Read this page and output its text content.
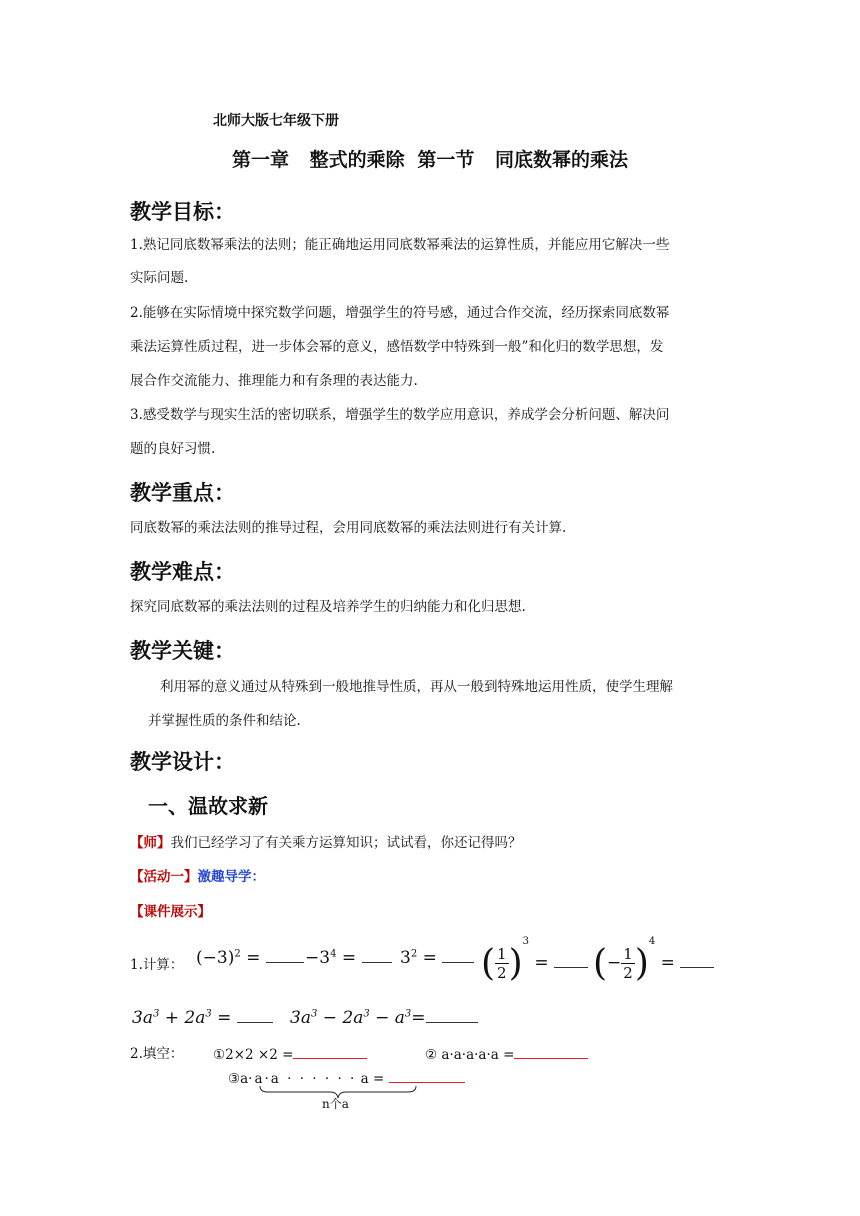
北师大版七年级下册
第一章 整式的乘除 第一节 同底数幂的乘法
教学目标：
1.熟记同底数幂乘法的法则；能正确地运用同底数幂乘法的运算性质，并能应用它解决一些
实际问题.
2.能够在实际情境中探究数学问题，增强学生的符号感，通过合作交流，经历探索同底数幂
乘法运算性质过程，进一步体会幂的意义，感悟数学中特殊到一般”和化归的数学思想，发
展合作交流能力、推理能力和有条理的表达能力.
3.感受数学与现实生活的密切联系，增强学生的数学应用意识，养成学会分析问题、解决问
题的良好习惯.
教学重点：
同底数幂的乘法法则的推导过程，会用同底数幂的乘法法则进行有关计算.
教学难点：
探究同底数幂的乘法法则的过程及培养学生的归纳能力和化归思想.
教学关键：
利用幂的意义通过从特殊到一般地推导性质，再从一般到特殊地运用性质，使学生理解
并掌握性质的条件和结论.
教学设计：
一、温故求新
【师】我们已经学习了有关乘方运算知识；试试看，你还记得吗？
【活动一】激趣导学：
【课件展示】
1.计算： $(-3)^2$ =	$-3^4$ =	$3^2$ =	( $\frac{1}{2} )^3$ =	(− $\frac{1}{2} )^4$ =
$3a^3 + 2a^3$ =	$3a^3 - 2a^3 - a^3=$
2.填空： ①2×2 ×2 =	② a·a·a·a·a =
③a·a·a · · · · · · a =
n个a
